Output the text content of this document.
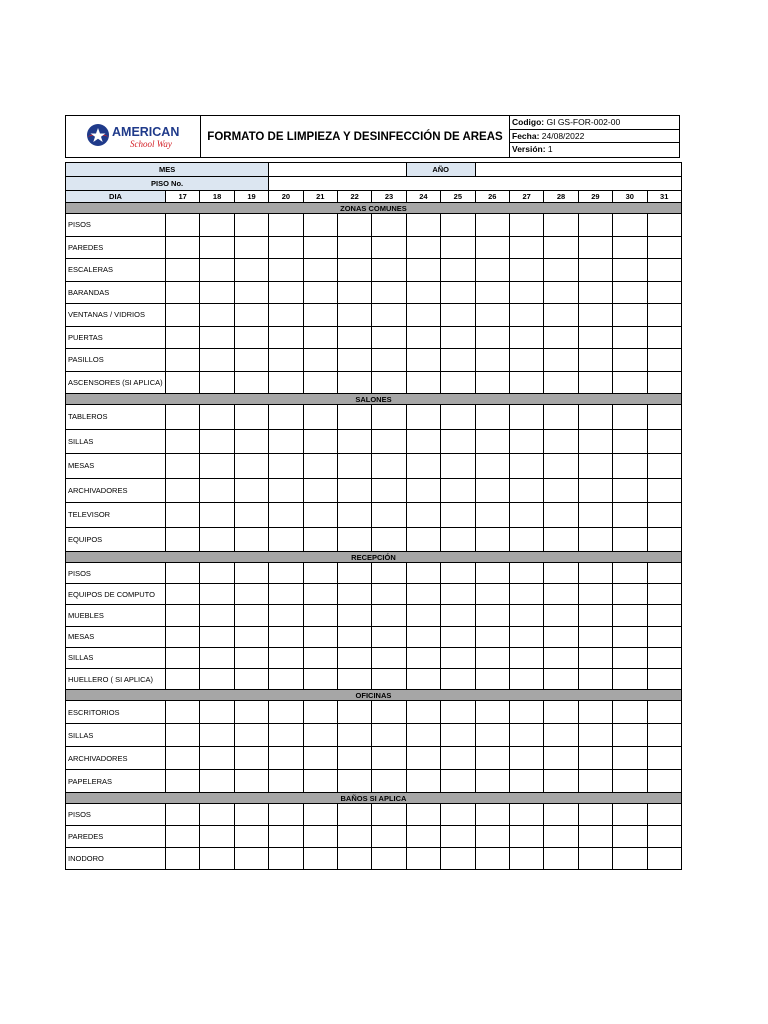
AMERICAN
School Way
FORMATO DE LIMPIEZA Y DESINFECCIÓN DE AREAS
Codigo: GI GS-FOR-002-00
Fecha: 24/08/2022
Versión: 1
MES								AÑO							
PISO No.															
DIA	17	18	19	20	21	22	23	24	25	26	27	28	29	30	31
ZONAS COMUNES															
PISOS															
PAREDES															
ESCALERAS															
BARANDAS															
VENTANAS / VIDRIOS															
PUERTAS															
PASILLOS															
ASCENSORES (SI APLICA)															
SALONES															
TABLEROS															
SILLAS															
MESAS															
ARCHIVADORES															
TELEVISOR															
EQUIPOS															
RECEPCIÓN															
PISOS															
EQUIPOS DE COMPUTO															
MUEBLES															
MESAS															
SILLAS															
HUELLERO ( SI APLICA)															
OFICINAS															
ESCRITORIOS															
SILLAS															
ARCHIVADORES															
PAPELERAS															
BAÑOS SI APLICA															
PISOS															
PAREDES															
INODORO															
